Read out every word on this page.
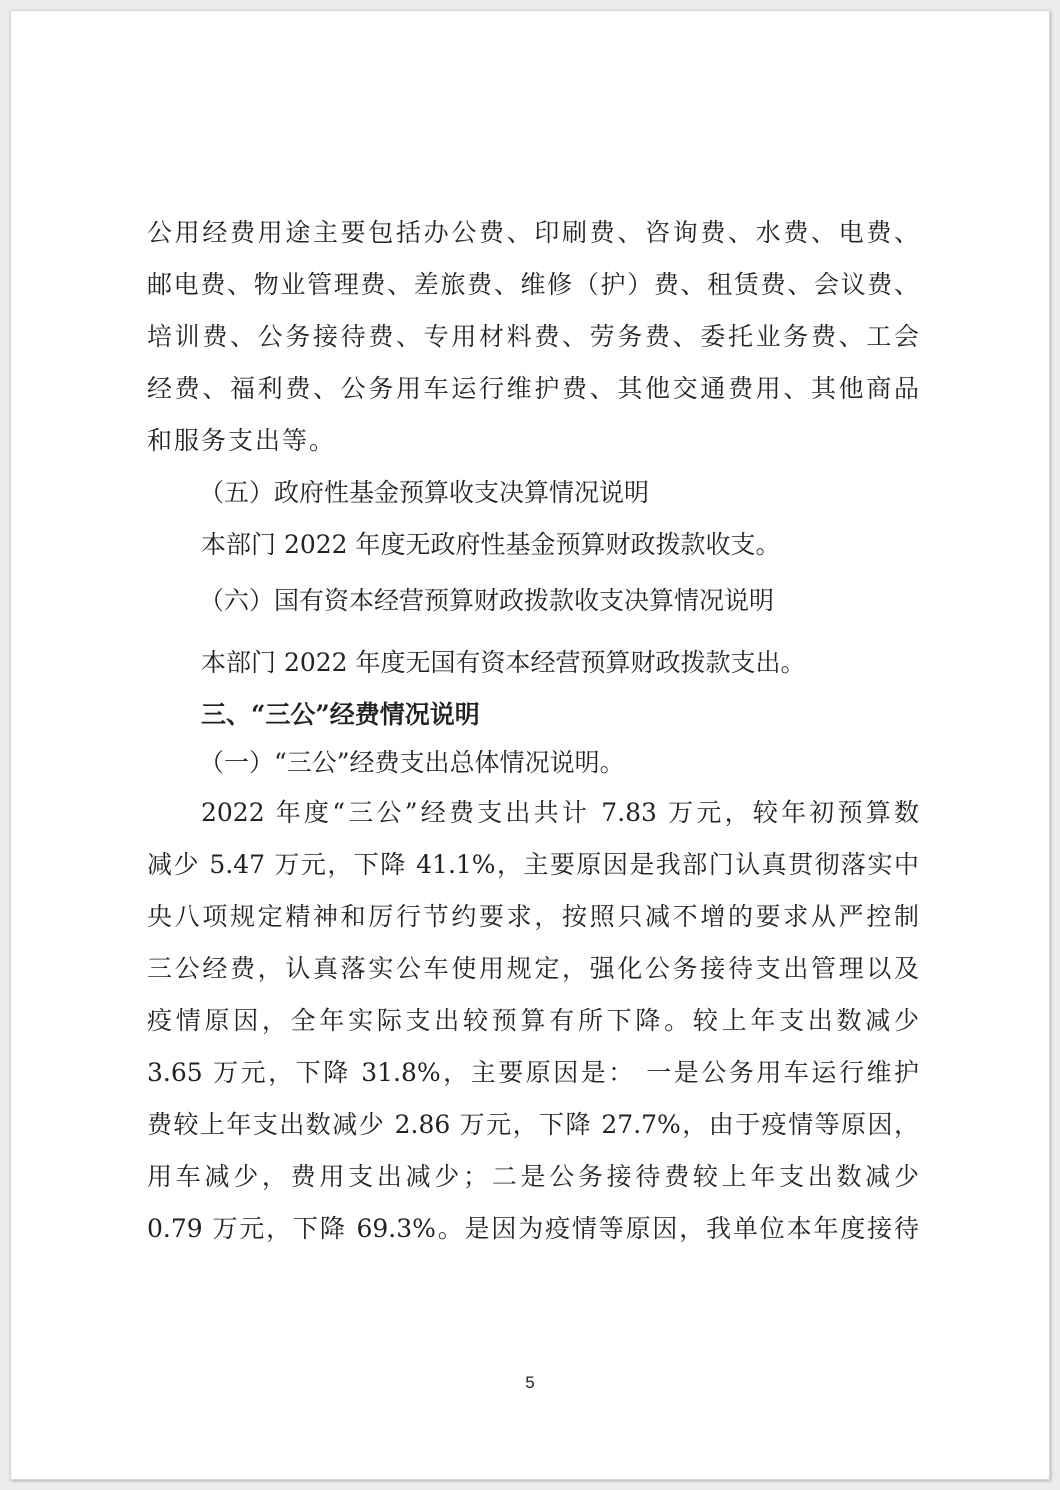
公用经费用途主要包括办公费、印刷费、咨询费、水费、电费、
邮电费、物业管理费、差旅费、维修（护）费、租赁费、会议费、
培训费、公务接待费、专用材料费、劳务费、委托业务费、工会
经费、福利费、公务用车运行维护费、其他交通费用、其他商品
和服务支出等。
（五）政府性基金预算收支决算情况说明
本部门 2022 年度无政府性基金预算财政拨款收支。
（六）国有资本经营预算财政拨款收支决算情况说明
本部门 2022 年度无国有资本经营预算财政拨款支出。
三、“三公”经费情况说明
（一）“三公”经费支出总体情况说明。
2022 年度“三公”经费支出共计 7.83 万元，较年初预算数
减少 5.47 万元，下降 41.1%，主要原因是我部门认真贯彻落实中
央八项规定精神和厉行节约要求，按照只减不增的要求从严控制
三公经费，认真落实公车使用规定，强化公务接待支出管理以及
疫情原因，全年实际支出较预算有所下降。较上年支出数减少
3.65 万元，下降 31.8%，主要原因是： 一是公务用车运行维护
费较上年支出数减少 2.86 万元，下降 27.7%，由于疫情等原因，
用车减少，费用支出减少；二是公务接待费较上年支出数减少
0.79 万元，下降 69.3%。是因为疫情等原因，我单位本年度接待
5
